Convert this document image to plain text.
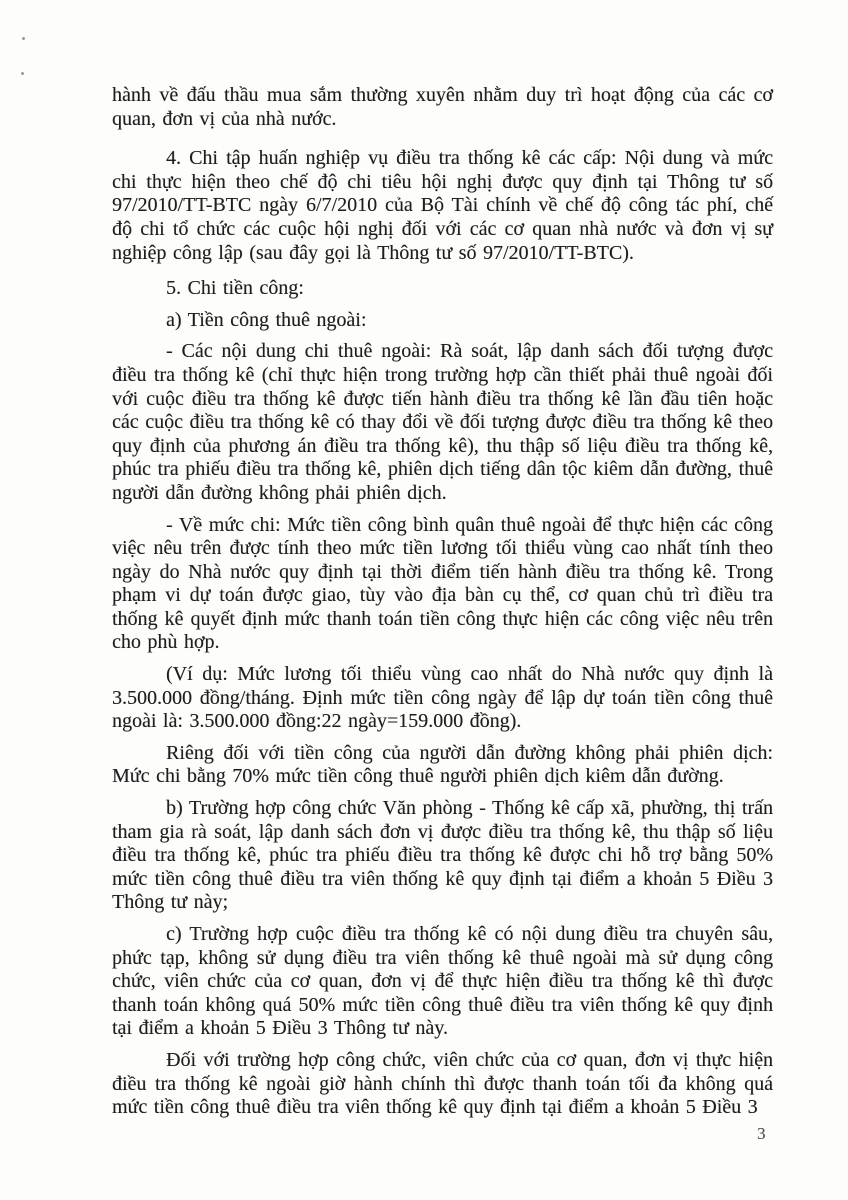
hành về đấu thầu mua sắm thường xuyên nhằm duy trì hoạt động của các cơ quan, đơn vị của nhà nước.

4. Chi tập huấn nghiệp vụ điều tra thống kê các cấp: Nội dung và mức chi thực hiện theo chế độ chi tiêu hội nghị được quy định tại Thông tư số 97/2010/TT-BTC ngày 6/7/2010 của Bộ Tài chính về chế độ công tác phí, chế độ chi tổ chức các cuộc hội nghị đối với các cơ quan nhà nước và đơn vị sự nghiệp công lập (sau đây gọi là Thông tư số 97/2010/TT-BTC).

5. Chi tiền công:

a) Tiền công thuê ngoài:

- Các nội dung chi thuê ngoài: Rà soát, lập danh sách đối tượng được điều tra thống kê (chỉ thực hiện trong trường hợp cần thiết phải thuê ngoài đối với cuộc điều tra thống kê được tiến hành điều tra thống kê lần đầu tiên hoặc các cuộc điều tra thống kê có thay đổi về đối tượng được điều tra thống kê theo quy định của phương án điều tra thống kê), thu thập số liệu điều tra thống kê, phúc tra phiếu điều tra thống kê, phiên dịch tiếng dân tộc kiêm dẫn đường, thuê người dẫn đường không phải phiên dịch.

- Về mức chi: Mức tiền công bình quân thuê ngoài để thực hiện các công việc nêu trên được tính theo mức tiền lương tối thiểu vùng cao nhất tính theo ngày do Nhà nước quy định tại thời điểm tiến hành điều tra thống kê. Trong phạm vi dự toán được giao, tùy vào địa bàn cụ thể, cơ quan chủ trì điều tra thống kê quyết định mức thanh toán tiền công thực hiện các công việc nêu trên cho phù hợp.

(Ví dụ: Mức lương tối thiểu vùng cao nhất do Nhà nước quy định là 3.500.000 đồng/tháng. Định mức tiền công ngày để lập dự toán tiền công thuê ngoài là: 3.500.000 đồng:22 ngày=159.000 đồng).

Riêng đối với tiền công của người dẫn đường không phải phiên dịch: Mức chi bằng 70% mức tiền công thuê người phiên dịch kiêm dẫn đường.

b) Trường hợp công chức Văn phòng - Thống kê cấp xã, phường, thị trấn tham gia rà soát, lập danh sách đơn vị được điều tra thống kê, thu thập số liệu điều tra thống kê, phúc tra phiếu điều tra thống kê được chi hỗ trợ bằng 50% mức tiền công thuê điều tra viên thống kê quy định tại điểm a khoản 5 Điều 3 Thông tư này;

c) Trường hợp cuộc điều tra thống kê có nội dung điều tra chuyên sâu, phức tạp, không sử dụng điều tra viên thống kê thuê ngoài mà sử dụng công chức, viên chức của cơ quan, đơn vị để thực hiện điều tra thống kê thì được thanh toán không quá 50% mức tiền công thuê điều tra viên thống kê quy định tại điểm a khoản 5 Điều 3 Thông tư này.

Đối với trường hợp công chức, viên chức của cơ quan, đơn vị thực hiện điều tra thống kê ngoài giờ hành chính thì được thanh toán tối đa không quá mức tiền công thuê điều tra viên thống kê quy định tại điểm a khoản 5 Điều 3

3
